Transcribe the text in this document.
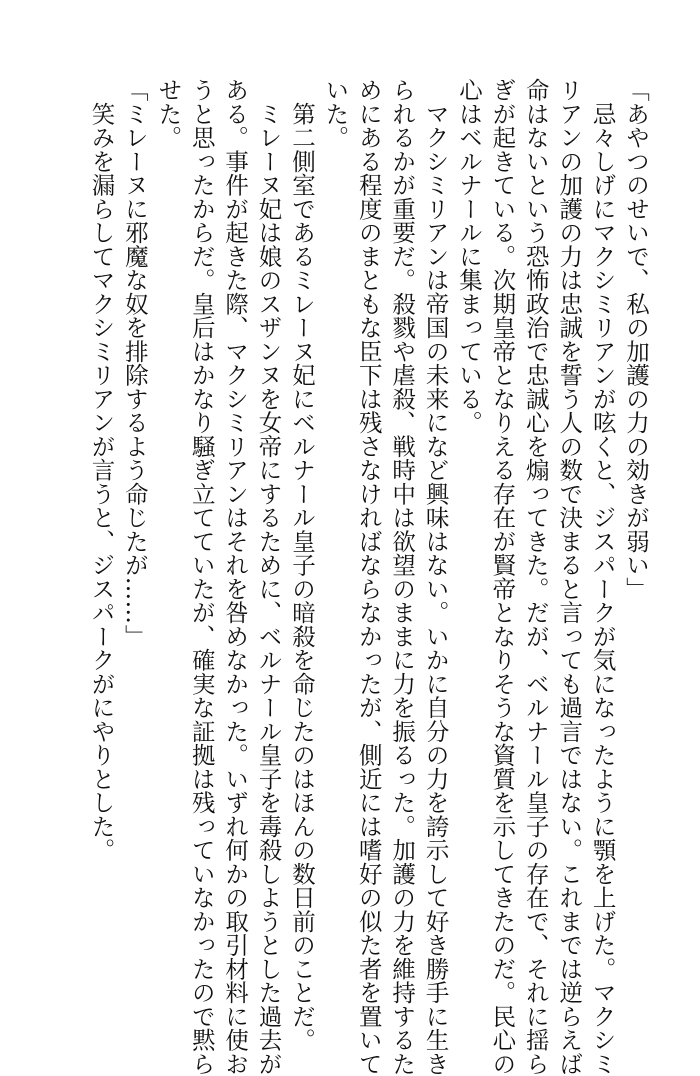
「あやつのせいで、私の加護の力の効きが弱い」

　忌々しげにマクシミリアンが呟くと、ジスパークが気になったように顎を上げた。マクシミ

リアンの加護の力は忠誠を誓う人の数で決まると言っても過言ではない。これまでは逆らえば

命はないという恐怖政治で忠誠心を煽ってきた。だが、ベルナール皇子の存在で、それに揺ら

ぎが起きている。次期皇帝となりえる存在が賢帝となりそうな資質を示してきたのだ。民心の

心はベルナールに集まっている。

　マクシミリアンは帝国の未来になど興味はない。いかに自分の力を誇示して好き勝手に生き

られるかが重要だ。殺戮や虐殺、戦時中は欲望のままに力を振るった。加護の力を維持するた

めにある程度のまともな臣下は残さなければならなかったが、側近には嗜好の似た者を置いて

いた。

　第二側室であるミレーヌ妃にベルナール皇子の暗殺を命じたのはほんの数日前のことだ。

　ミレーヌ妃は娘のスザンヌを女帝にするために、ベルナール皇子を毒殺しようとした過去が

ある。事件が起きた際、マクシミリアンはそれを咎めなかった。いずれ何かの取引材料に使お

うと思ったからだ。皇后はかなり騒ぎ立てていたが、確実な証拠は残っていなかったので黙ら

せた。

「ミレーヌに邪魔な奴を排除するよう命じたが……」

　笑みを漏らしてマクシミリアンが言うと、ジスパークがにやりとした。
